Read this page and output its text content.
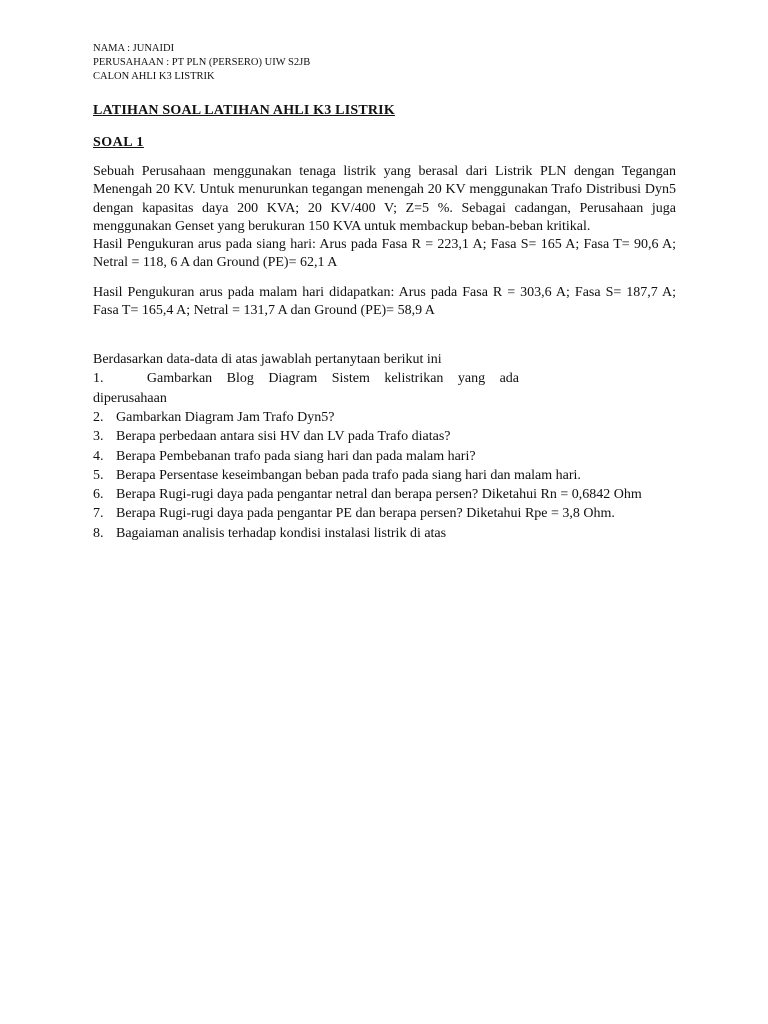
NAMA : JUNAIDI
PERUSAHAAN : PT PLN (PERSERO) UIW S2JB
CALON AHLI K3 LISTRIK
LATIHAN SOAL LATIHAN AHLI K3 LISTRIK
SOAL 1

Sebuah Perusahaan menggunakan tenaga listrik yang berasal dari Listrik PLN dengan Tegangan Menengah 20 KV. Untuk menurunkan tegangan menengah 20 KV menggunakan Trafo Distribusi Dyn5 dengan kapasitas daya 200 KVA; 20 KV/400 V; Z=5 %. Sebagai cadangan, Perusahaan juga menggunakan Genset yang berukuran 150 KVA untuk membackup beban-beban kritikal.

Hasil Pengukuran arus pada siang hari: Arus pada Fasa R = 223,1 A; Fasa S= 165 A; Fasa T= 90,6 A; Netral = 118, 6 A dan Ground (PE)= 62,1 A

Hasil Pengukuran arus pada malam hari didapatkan: Arus pada Fasa R = 303,6 A; Fasa S= 187,7 A; Fasa T= 165,4 A; Netral = 131,7 A dan Ground (PE)= 58,9 A

Berdasarkan data-data di atas jawablah pertanytaan berikut ini
1.	Gambarkan Blog Diagram Sistem kelistrikan yang ada
diperusahaan
2. Gambarkan Diagram Jam Trafo Dyn5?
3. Berapa perbedaan antara sisi HV dan LV pada Trafo diatas?
4. Berapa Pembebanan trafo pada siang hari dan pada malam hari?
5. Berapa Persentase keseimbangan beban pada trafo pada siang hari dan malam hari.
6. Berapa Rugi-rugi daya pada pengantar netral dan berapa persen? Diketahui Rn = 0,6842 Ohm
7. Berapa Rugi-rugi daya pada pengantar PE dan berapa persen? Diketahui Rpe = 3,8 Ohm.
8. Bagaiaman analisis terhadap kondisi instalasi listrik di atas
